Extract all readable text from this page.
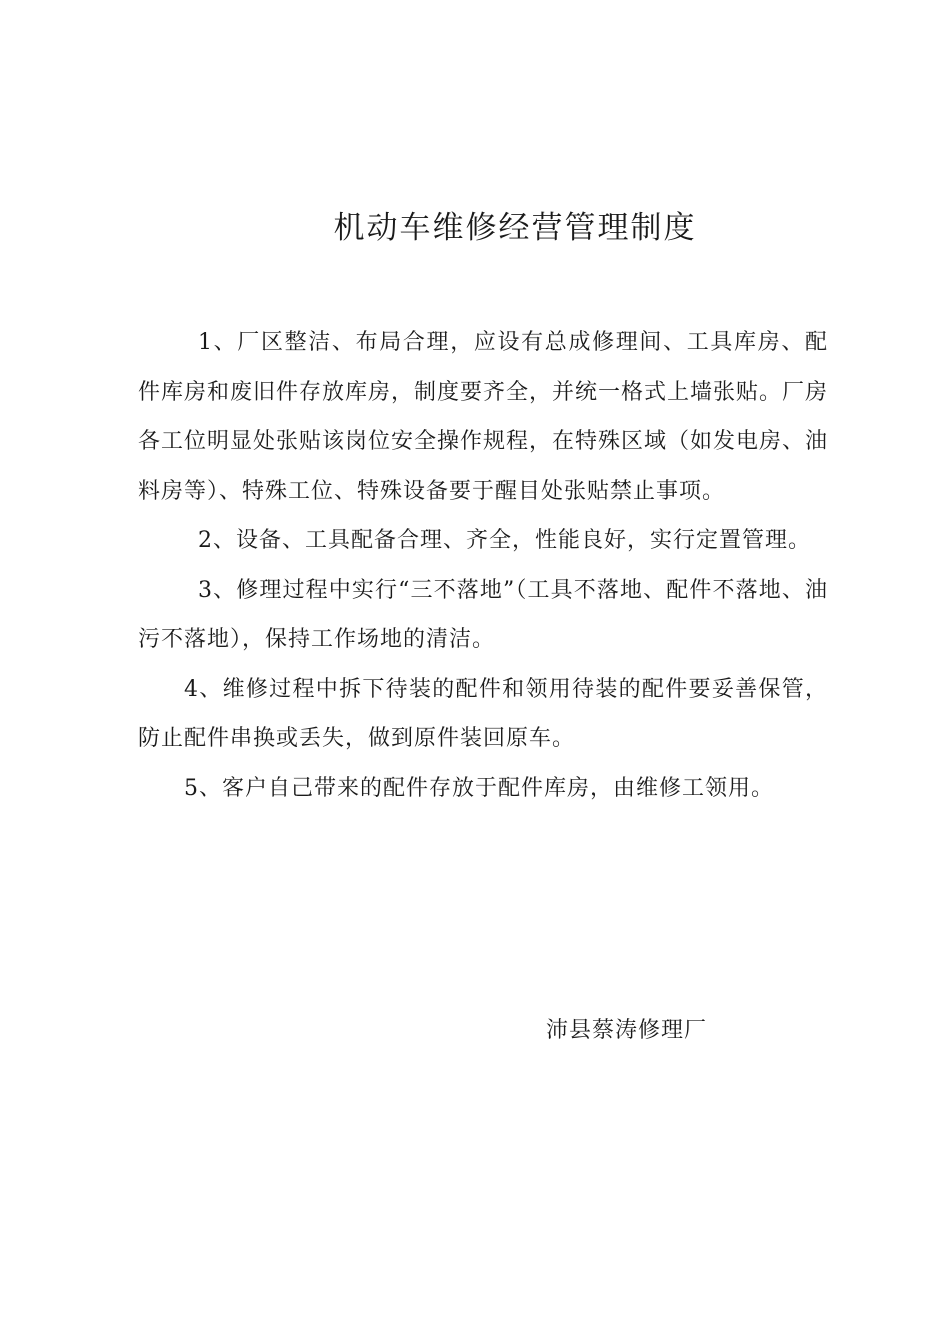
机动车维修经营管理制度

1、厂区整洁、布局合理，应设有总成修理间、工具库房、配件库房和废旧件存放库房，制度要齐全，并统一格式上墙张贴。厂房各工位明显处张贴该岗位安全操作规程，在特殊区域（如发电房、油料房等）、特殊工位、特殊设备要于醒目处张贴禁止事项。

2、设备、工具配备合理、齐全，性能良好，实行定置管理。

3、修理过程中实行“三不落地”（工具不落地、配件不落地、油污不落地），保持工作场地的清洁。

4、维修过程中拆下待装的配件和领用待装的配件要妥善保管，防止配件串换或丢失，做到原件装回原车。

5、客户自己带来的配件存放于配件库房，由维修工领用。

沛县蔡涛修理厂
